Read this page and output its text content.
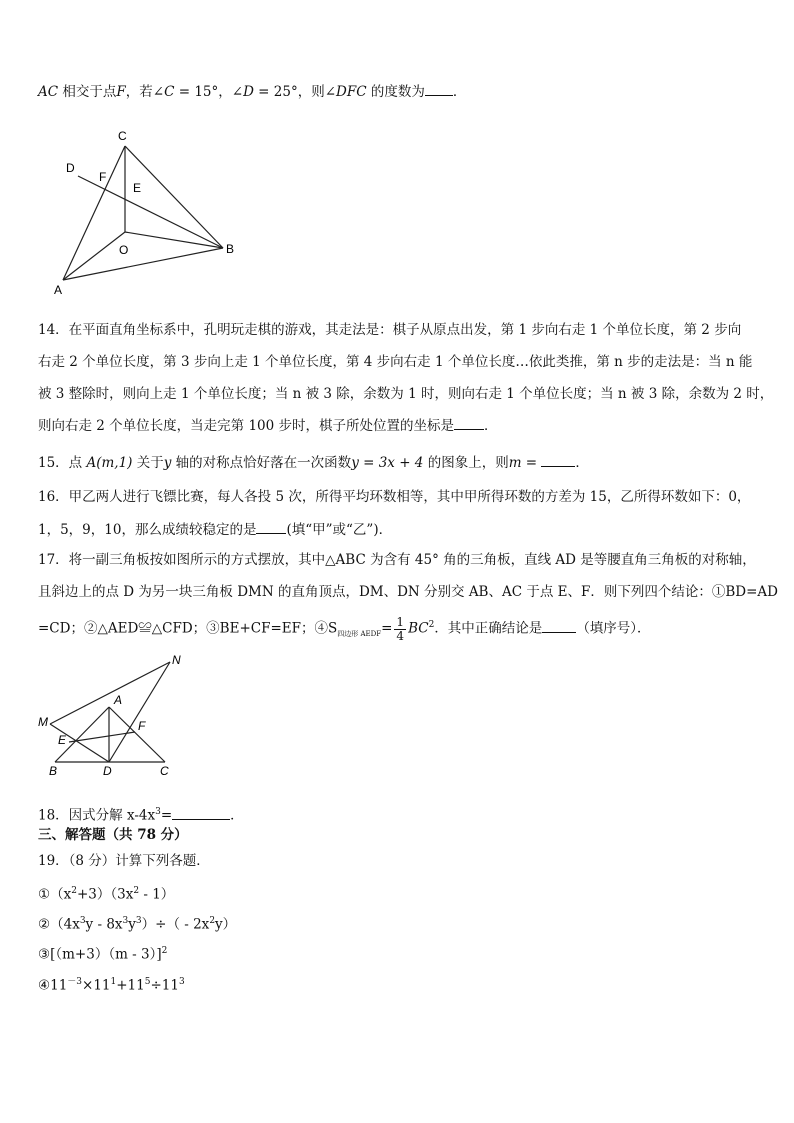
AC 相交于点F，若∠C = 15°，∠D = 25°，则∠DFC 的度数为 ．
C
D
F
E
O	B
A
14．在平面直角坐标系中，孔明玩走棋的游戏，其走法是：棋子从原点出发，第 1 步向右走 1 个单位长度，第 2 步向
右走 2 个单位长度，第 3 步向上走 1 个单位长度，第 4 步向右走 1 个单位长度…依此类推，第 n 步的走法是：当 n 能
被 3 整除时，则向上走 1 个单位长度；当 n 被 3 除，余数为 1 时，则向右走 1 个单位长度；当 n 被 3 除，余数为 2 时，
则向右走 2 个单位长度，当走完第 100 步时，棋子所处位置的坐标是 ．
15．点 A(m,1) 关于y 轴的对称点恰好落在一次函数y = 3x + 4 的图象上，则m =	．
16．甲乙两人进行飞镖比赛，每人各投 5 次，所得平均环数相等，其中甲所得环数的方差为 15，乙所得环数如下：0，
1，5，9，10，那么成绩较稳定的是 (填“甲”或“乙”)．
17．将一副三角板按如图所示的方式摆放，其中△ABC 为含有 45° 角的三角板，直线 AD 是等腰直角三角板的对称轴，
且斜边上的点 D 为另一块三角板 DMN 的直角顶点，DM、DN 分别交 AB、AC 于点 E、F．则下列四个结论：①BD=AD
=CD；②△AED≌△CFD；③BE+CF=EF；$④S_{四边形 AEDF}= \frac{1}{4} BC^2$．其中正确结论是	（填序号）．
N
A
M	F
E
B	D	C
18．因式分解 $x-4x^3=$	．
三、解答题（共 78 分）
19．（8 分）计算下列各题．
$①(x^2+3)(3x^2 - 1)$
$②(4x^3y - 8x^3y^3)\div( - 2x^2y)$
③[（m+3）（m - 3）]$^2$
$④11^{-3}\times 11^1+11^5\div 11^3$
